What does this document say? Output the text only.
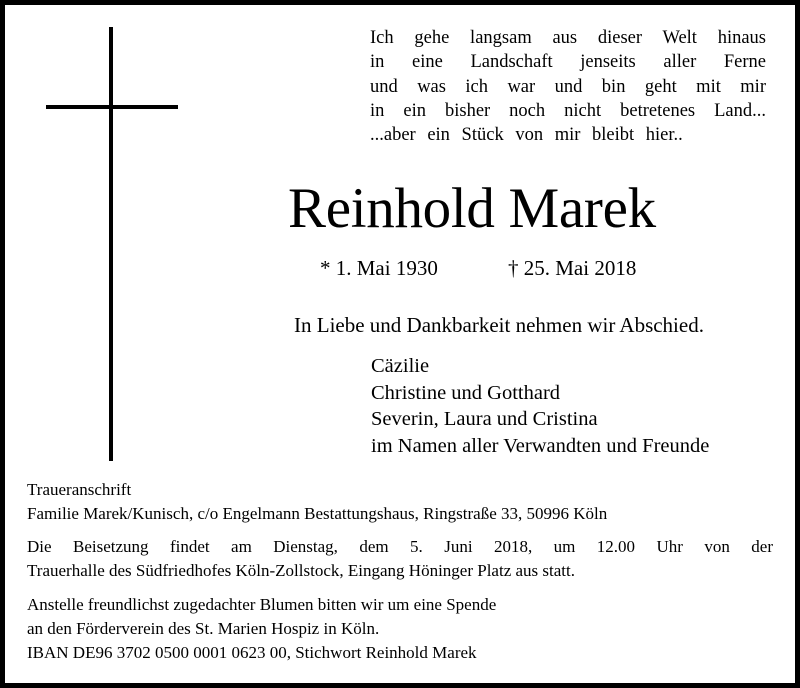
Ich gehe langsam aus dieser Welt hinaus
in eine Landschaft jenseits aller Ferne
und was ich war und bin geht mit mir
in ein bisher noch nicht betretenes Land...
...aber ein Stück von mir bleibt hier..
Reinhold Marek
* 1. Mai 1930	† 25. Mai 2018
In Liebe und Dankbarkeit nehmen wir Abschied.
Cäzilie
Christine und Gotthard
Severin, Laura und Cristina
im Namen aller Verwandten und Freunde
Traueranschrift
Familie Marek/Kunisch, c/o Engelmann Bestattungshaus, Ringstraße 33, 50996 Köln
Die Beisetzung findet am Dienstag, dem 5. Juni 2018, um 12.00 Uhr von der
Trauerhalle des Südfriedhofes Köln-Zollstock, Eingang Höninger Platz aus statt.
Anstelle freundlichst zugedachter Blumen bitten wir um eine Spende
an den Förderverein des St. Marien Hospiz in Köln.
IBAN DE96 3702 0500 0001 0623 00, Stichwort Reinhold Marek
